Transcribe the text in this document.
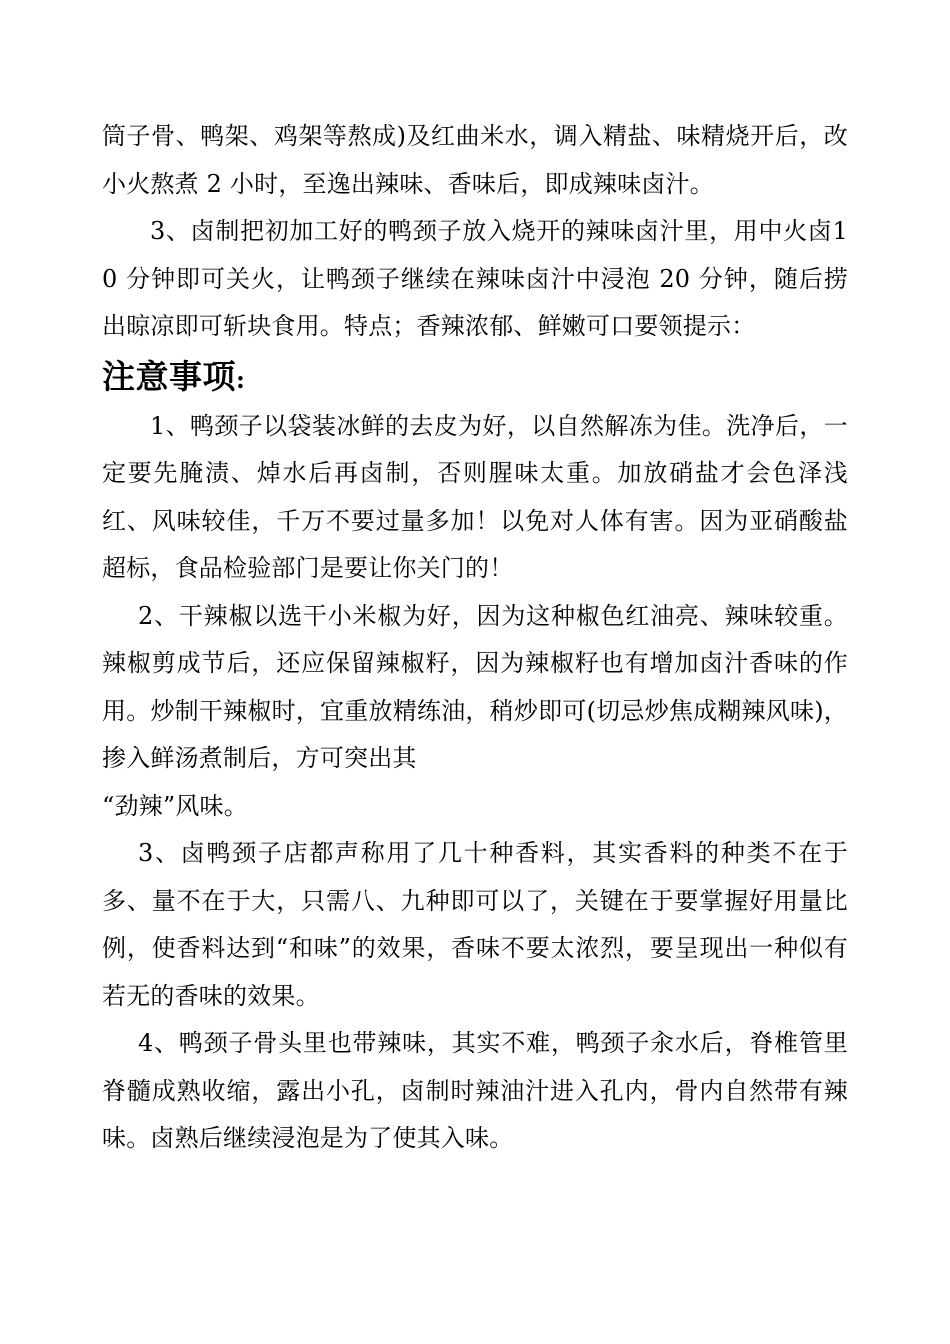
筒子骨、鸭架、鸡架等熬成)及红曲米水，调入精盐、味精烧开后，改小火熬煮 2 小时，至逸出辣味、香味后，即成辣味卤汁。

3、卤制把初加工好的鸭颈子放入烧开的辣味卤汁里，用中火卤10 分钟即可关火，让鸭颈子继续在辣味卤汁中浸泡 20 分钟，随后捞出晾凉即可斩块食用。特点；香辣浓郁、鲜嫩可口要领提示：

注意事项:

1、鸭颈子以袋装冰鲜的去皮为好，以自然解冻为佳。洗净后，一定要先腌渍、焯水后再卤制，否则腥味太重。加放硝盐才会色泽浅红、风味较佳，千万不要过量多加！以免对人体有害。因为亚硝酸盐超标，食品检验部门是要让你关门的！

2、干辣椒以选干小米椒为好，因为这种椒色红油亮、辣味较重。辣椒剪成节后，还应保留辣椒籽，因为辣椒籽也有增加卤汁香味的作用。炒制干辣椒时，宜重放精练油，稍炒即可(切忌炒焦成糊辣风味)，掺入鲜汤煮制后，方可突出其

“劲辣”风味。

3、卤鸭颈子店都声称用了几十种香料，其实香料的种类不在于多、量不在于大，只需八、九种即可以了，关键在于要掌握好用量比例，使香料达到“和味”的效果，香味不要太浓烈，要呈现出一种似有若无的香味的效果。

4、鸭颈子骨头里也带辣味，其实不难，鸭颈子汆水后，脊椎管里脊髓成熟收缩，露出小孔，卤制时辣油汁进入孔内，骨内自然带有辣味。卤熟后继续浸泡是为了使其入味。
